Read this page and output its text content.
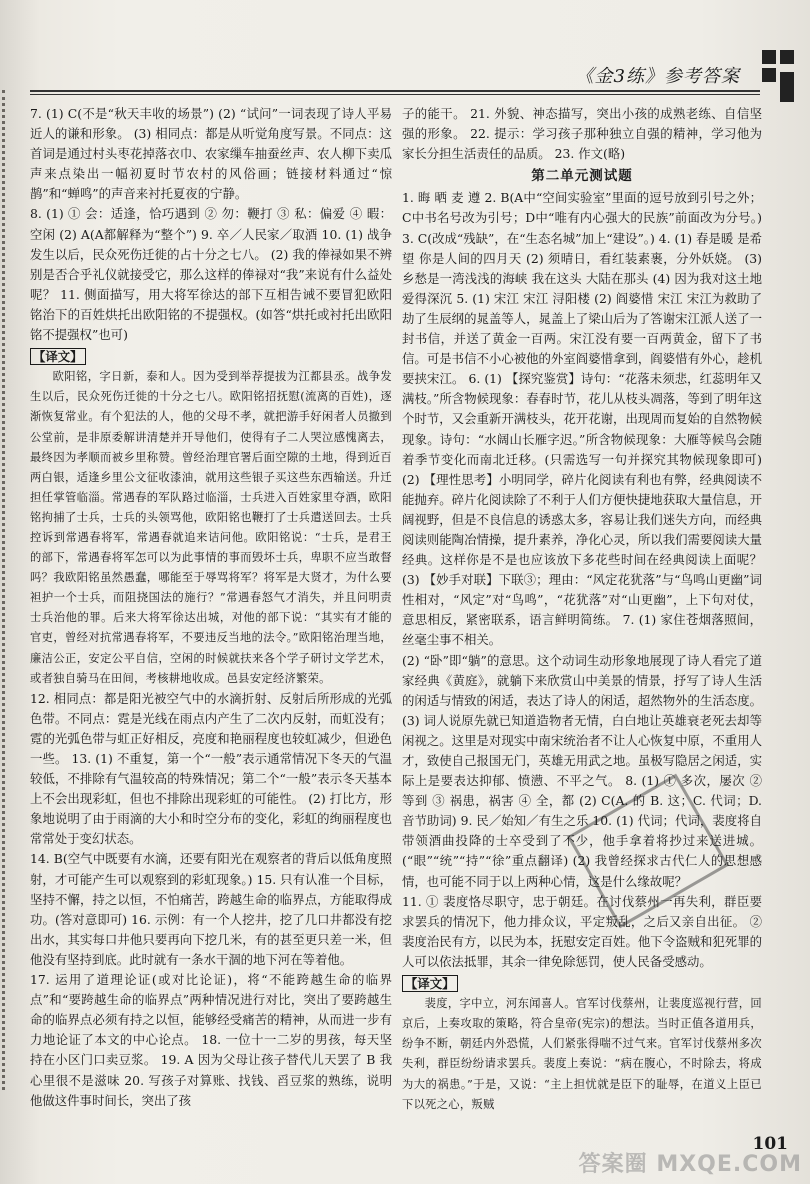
《金3练》参考答案

7. (1) C(不是“秋天丰收的场景”) (2) “试问”一词表现了诗人平易近人的谦和形象。 (3) 相同点：都是从听觉角度写景。不同点：这首词是通过村头枣花掉落衣巾、农家缫车抽蚕丝声、农人柳下卖瓜声来点染出一幅初夏时节农村的风俗画；链接材料通过“惊鹊”和“蝉鸣”的声音来衬托夏夜的宁静。

8. (1) ① 会：适逢，恰巧遇到 ② 勿：鞭打 ③ 私：偏爱 ④ 暇：空闲 (2) A(A都解释为“整个”) 9. 卒／人民家／取酒 10. (1) 战争发生以后，民众死伤迁徙的占十分之七八。 (2) 我的俸禄如果不辨别是否合乎礼仪就接受它，那么这样的俸禄对“我”来说有什么益处呢？ 11. 侧面描写，用大将军徐达的部下互相告诫不要冒犯欧阳铭治下的百姓烘托出欧阳铭的不提强权。(如答“烘托或衬托出欧阳铭不提强权”也可)

【译文】

欧阳铭，字日新，泰和人。因为受到举荐提拔为江都县丞。战争发生以后，民众死伤迁徙的十分之七八。欧阳铭招抚慰(流离的百姓)，逐渐恢复常业。有个犯法的人，他的父母不孝，就把游手好闲者人员撤到公堂前，是非原委解讲清楚并开导他们，使得有子二人哭泣感愧离去，最终因为孝顺而被乡里称赞。曾经治理官署后面空隙的土地，得到近百两白银，适逢乡里公文征收漆油，就用这些银子买这些东西输送。升迁担任掌管临淄。常遇春的军队路过临淄，士兵进入百姓家里夺酒，欧阳铭拘捕了士兵，士兵的头领骂他，欧阳铭也鞭打了士兵遣送回去。士兵控诉到常遇春将军，常遇春就追来诘问他。欧阳铭说：“士兵，是君王的部下，常遇春将军怎可以为此事情的事而毁坏士兵，卑职不应当敢督吗？我欧阳铭虽然愚蠢，哪能至于辱骂将军？将军是大贤才，为什么要袒护一个士兵，而阻挠国法的施行？”常遇春怒气才消失，并且问明责士兵治他的罪。后来大将军徐达出城，对他的部下说：“其实有才能的官吏，曾经对抗常遇春将军，不要违反当地的法令。”欧阳铭治理当地，廉洁公正，安定公平自信，空闲的时候就扶来各个学子研讨文学艺术，或者独自骑马在田间，考核耕地收成。邑县安定经济繁荣。

12. 相同点：都是阳光被空气中的水滴折射、反射后所形成的光弧色带。不同点：霓是光线在雨点内产生了二次内反射，而虹没有；霓的光弧色带与虹正好相反，亮度和艳丽程度也较虹减少，但逊色一些。 13. (1) 不重复，第一个“一般”表示通常情况下冬天的气温较低，不排除有气温较高的特殊情况；第二个“一般”表示冬天基本上不会出现彩虹，但也不排除出现彩虹的可能性。 (2) 打比方，形象地说明了由于雨滴的大小和时空分布的变化，彩虹的绚丽程度也常常处于变幻状态。

14. B(空气中既要有水滴，还要有阳光在观察者的背后以低角度照射，才可能产生可以观察到的彩虹现象。) 15. 只有认准一个目标，坚持不懈，持之以恒，不怕痛苦，跨越生命的临界点，方能取得成功。(答对意即可) 16. 示例：有一个人挖井，挖了几口井都没有挖出水，其实每口井他只要再向下挖几米，有的甚至更只差一米，但他没有坚持到底。此时就有一条水干涸的地下河在等着他。

17. 运用了道理论证(或对比论证)，将“不能跨越生命的临界点”和“要跨越生命的临界点”两种情况进行对比，突出了要跨越生命的临界点必须有持之以恒，能够经受痛苦的精神，从而进一步有力地论证了本文的中心论点。 18. 一位十一二岁的男孩，每天坚持在小区门口卖豆浆。 19. A 因为父母让孩子替代儿天罢了 B 我心里很不是滋味 20. 写孩子对算账、找钱、舀豆浆的熟练，说明他做这件事时间长，突出了孩

子的能干。 21. 外貌、神态描写，突出小孩的成熟老练、自信坚强的形象。 22. 提示：学习孩子那种独立自强的精神，学习他为家长分担生活责任的品质。 23. 作文(略)

第二单元测试题

1. 晦 晒 麦 遵 2. B(A中“空间实验室”里面的逗号放到引号之外；C中书名号改为引号；D中“唯有内心强大的民族”前面改为分号。) 3. C(改成“残缺”，在“生态名城”加上“建设”。) 4. (1) 春是暖 是希望 你是人间的四月天 (2) 须晴日，看红装素裹，分外妖娆。 (3) 乡愁是一湾浅浅的海峡 我在这头 大陆在那头 (4) 因为我对这土地爱得深沉 5. (1) 宋江 宋江 浔阳楼 (2) 阎婆惜 宋江 宋江为救助了劫了生辰纲的晁盖等人，晁盖上了梁山后为了答谢宋江派人送了一封书信，并送了黄金一百两。宋江没有要一百两黄金，留下了书信。可是书信不小心被他的外室阎婆惜拿到，阎婆惜有外心，趁机要挟宋江。 6. (1) 【探究鉴赏】诗句：“花落未须悲，红蕊明年又满枝。”所含物候现象：春春时节，花儿从枝头凋落，等到了明年这个时节，又会重新开满枝头，花开花谢，出现周而复始的自然物候现象。诗句：“水阔山长雁字迟。”所含物候现象：大雁等候鸟会随着季节变化而南北迁移。(只需选写一句并探究其物候现象即可) (2) 【理性思考】小明同学，碎片化阅读有利也有弊，经典阅读不能抛弃。碎片化阅读除了不利于人们方便快捷地获取大量信息，开阔视野，但是不良信息的诱惑太多，容易让我们迷失方向，而经典阅读则能陶冶情操，提升素养，净化心灵，所以我们需要阅读大量经典。这样你是不是也应该放下多花些时间在经典阅读上面呢？ (3) 【妙手对联】下联③；理由：“风定花犹落”与“鸟鸣山更幽”词性相对，“风定”对“鸟鸣”，“花犹落”对“山更幽”，上下句对仗，意思相反，紧密联系，语言鲜明简练。 7. (1) 家住苍烟落照间，丝毫尘事不相关。

(2) “卧”即“躺”的意思。这个动词生动形象地展现了诗人看完了道家经典《黄庭》，就躺下来欣赏山中美景的情景，抒写了诗人生活的闲适与情致的闲适，表达了诗人的闲适，超然物外的生活态度。 (3) 词人说原先就已知道造物者无情，白白地让英雄衰老死去却等闲视之。这里是对现实中南宋统治者不让人心恢复中原，不重用人才，致使自己报国无门，英雄无用武之地。虽极写隐居之闲适，实际上是要表达抑郁、愤懑、不平之气。 8. (1) ① 多次，屡次 ② 等到 ③ 祸患，祸害 ④ 全，都 (2) C(A. 的 B. 这；C. 代词；D. 音节助词) 9. 民／始知／有生之乐 10. (1) 代词；代词，裴度将自带领酒曲投降的士卒受到了不少，他手拿着将抄过来送进城。(“眼”“统”“持”“徐”重点翻译) (2) 我曾经探求古代仁人的思想感情，也可能不同于以上两种心情，这是什么缘故呢？

11. ① 裴度恪尽职守，忠于朝廷。在讨伐蔡州一再失利，群臣要求罢兵的情况下，他力排众议，平定叛乱，之后又亲自出征。 ② 裴度治民有方，以民为本，抚慰安定百姓。他下令盗贼和犯死罪的人可以依法抵罪，其余一律免除惩罚，使人民备受感动。

【译文】

裴度，字中立，河东闻喜人。官军讨伐蔡州，让裴度巡视行营，回京后，上奏攻取的策略，符合皇帝(宪宗)的想法。当时正值各道用兵，纷争不断，朝廷内外恐慌，人们紧张得喘不过气来。官军讨伐蔡州多次失利，群臣纷纷请求罢兵。裴度上奏说：“病在腹心，不时除去，将成为大的祸患。”于是，又说：“主上担忧就是臣下的耻辱，在道义上臣已下以死之心，叛贼

101
答案圈 MXQE.COM
